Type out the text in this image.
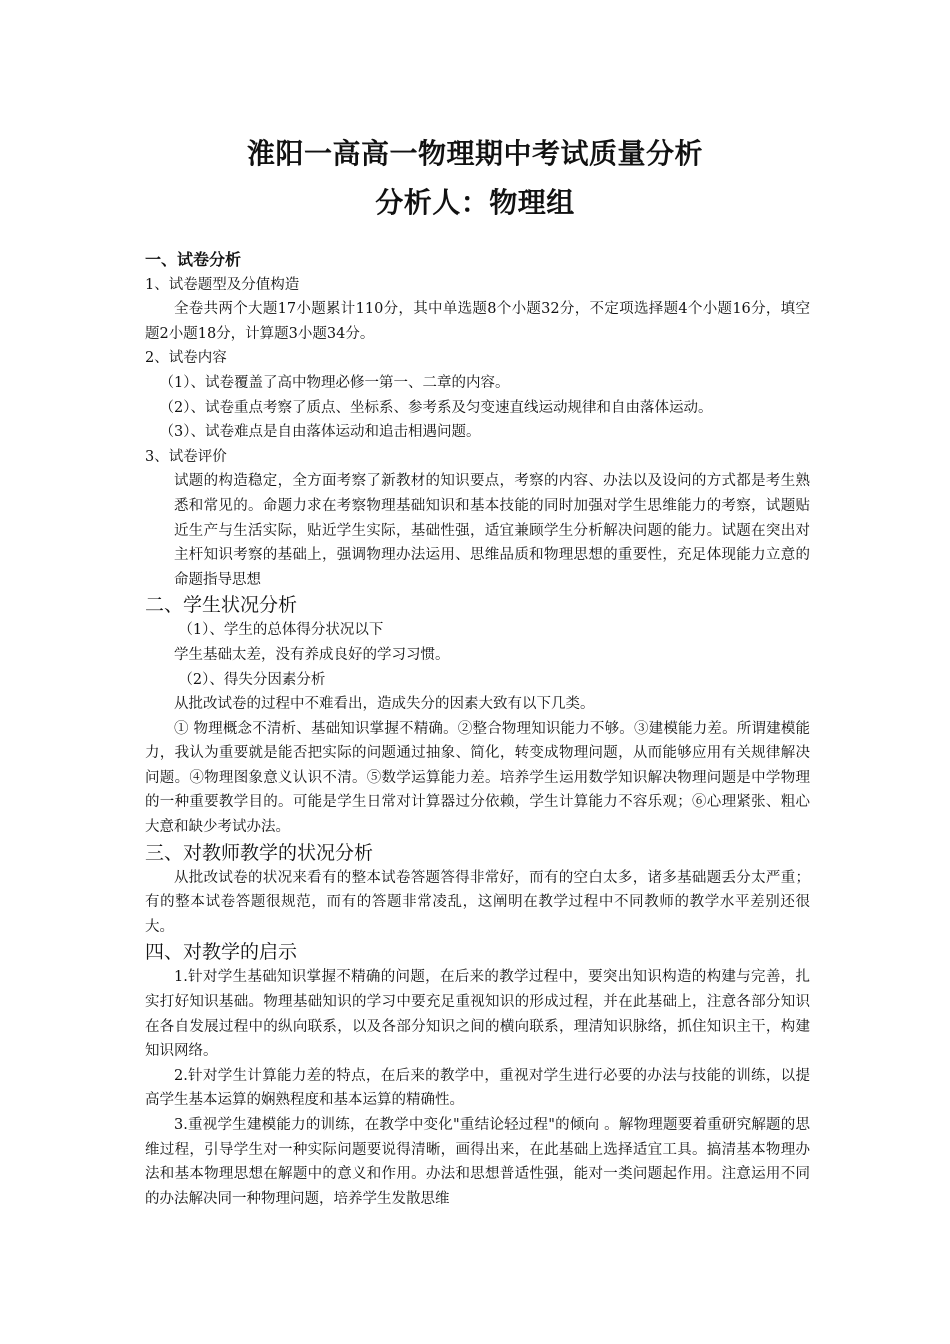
淮阳一高高一物理期中考试质量分析
分析人：物理组

一、试卷分析

1、试卷题型及分值构造

全卷共两个大题17小题累计110分，其中单选题8个小题32分，不定项选择题4个小题16分，填空题2小题18分，计算题3小题34分。

2、试卷内容

（1）、试卷覆盖了高中物理必修一第一、二章的内容。

（2）、试卷重点考察了质点、坐标系、参考系及匀变速直线运动规律和自由落体运动。

（3）、试卷难点是自由落体运动和追击相遇问题。

3、试卷评价

试题的构造稳定，全方面考察了新教材的知识要点，考察的内容、办法以及设问的方式都是考生熟悉和常见的。命题力求在考察物理基础知识和基本技能的同时加强对学生思维能力的考察，试题贴近生产与生活实际，贴近学生实际，基础性强，适宜兼顾学生分析解决问题的能力。试题在突出对主杆知识考察的基础上，强调物理办法运用、思维品质和物理思想的重要性，充足体现能力立意的命题指导思想

二、学生状况分析

（1）、学生的总体得分状况以下

学生基础太差，没有养成良好的学习习惯。

（2）、得失分因素分析

从批改试卷的过程中不难看出，造成失分的因素大致有以下几类。

① 物理概念不清析、基础知识掌握不精确。②整合物理知识能力不够。③建模能力差。所谓建模能力，我认为重要就是能否把实际的问题通过抽象、简化，转变成物理问题，从而能够应用有关规律解决问题。④物理图象意义认识不清。⑤数学运算能力差。培养学生运用数学知识解决物理问题是中学物理的一种重要教学目的。可能是学生日常对计算器过分依赖，学生计算能力不容乐观；⑥心理紧张、粗心大意和缺少考试办法。

三、对教师教学的状况分析

从批改试卷的状况来看有的整本试卷答题答得非常好，而有的空白太多，诸多基础题丢分太严重；有的整本试卷答题很规范，而有的答题非常凌乱，这阐明在教学过程中不同教师的教学水平差别还很大。

四、对教学的启示

1.针对学生基础知识掌握不精确的问题，在后来的教学过程中，要突出知识构造的构建与完善，扎实打好知识基础。物理基础知识的学习中要充足重视知识的形成过程，并在此基础上，注意各部分知识在各自发展过程中的纵向联系，以及各部分知识之间的横向联系，理清知识脉络，抓住知识主干，构建知识网络。

2.针对学生计算能力差的特点，在后来的教学中，重视对学生进行必要的办法与技能的训练，以提高学生基本运算的娴熟程度和基本运算的精确性。

3.重视学生建模能力的训练，在教学中变化"重结论轻过程"的倾向 。解物理题要着重研究解题的思维过程，引导学生对一种实际问题要说得清晰，画得出来，在此基础上选择适宜工具。搞清基本物理办法和基本物理思想在解题中的意义和作用。办法和思想普适性强，能对一类问题起作用。注意运用不同的办法解决同一种物理问题，培养学生发散思维
